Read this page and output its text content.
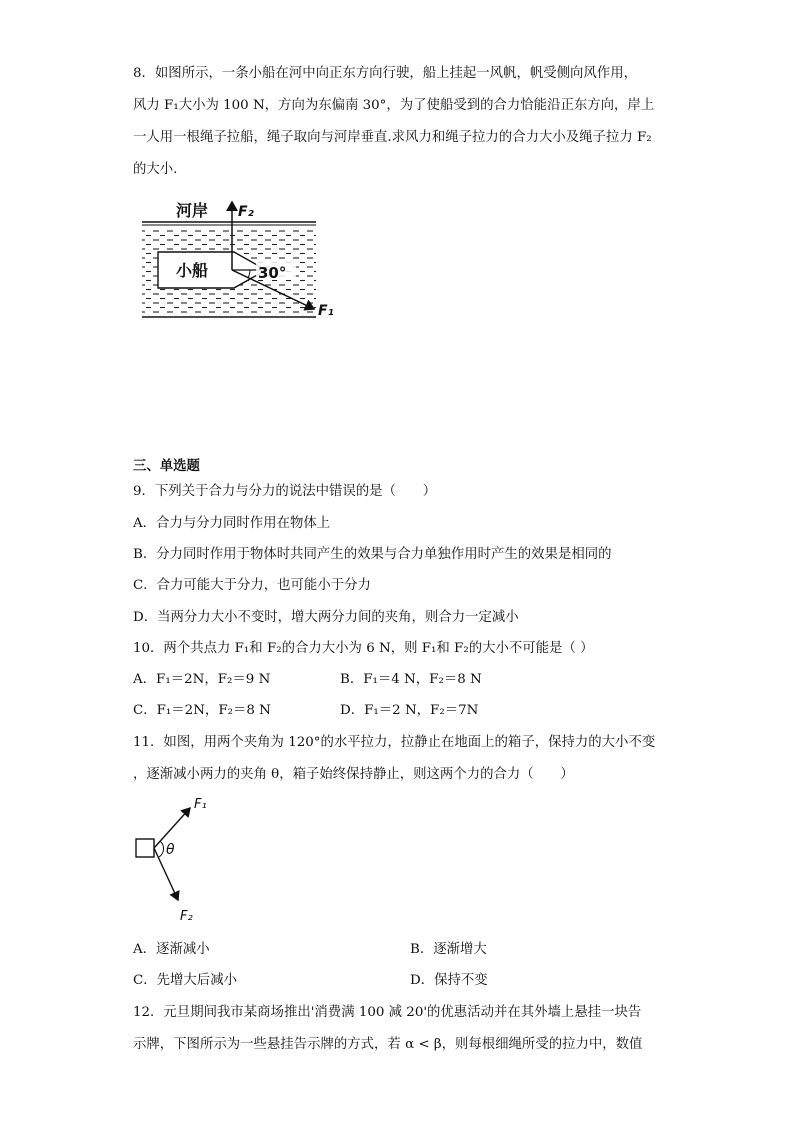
8．如图所示，一条小船在河中向正东方向行驶，船上挂起一风帆，帆受侧向风作用，
风力 F₁大小为 100 N，方向为东偏南 30°，为了使船受到的合力恰能沿正东方向，岸上
一人用一根绳子拉船，绳子取向与河岸垂直.求风力和绳子拉力的合力大小及绳子拉力 F₂
的大小.
小船
河岸 F₂
F₁
30°
三、单选题
9．下列关于合力与分力的说法中错误的是（　　）
A．合力与分力同时作用在物体上
B．分力同时作用于物体时共同产生的效果与合力单独作用时产生的效果是相同的
C．合力可能大于分力，也可能小于分力
D．当两分力大小不变时，增大两分力间的夹角，则合力一定减小
10．两个共点力 F₁和 F₂的合力大小为 6 N，则 F₁和 F₂的大小不可能是（ ）
A．F₁＝2N，F₂＝9 N	B．F₁＝4 N，F₂＝8 N
C．F₁＝2N，F₂＝8 N	D．F₁＝2 N，F₂＝7N
11．如图，用两个夹角为 120°的水平拉力，拉静止在地面上的箱子，保持力的大小不变
，逐渐减小两力的夹角 θ，箱子始终保持静止，则这两个力的合力（　　）
θ
F₁
F₂
A．逐渐减小	B．逐渐增大
C．先增大后减小	D．保持不变
12．元旦期间我市某商场推出'消费满 100 减 20'的优惠活动并在其外墙上悬挂一块告
示牌，下图所示为一些悬挂告示牌的方式，若 α < β，则每根细绳所受的拉力中，数值
